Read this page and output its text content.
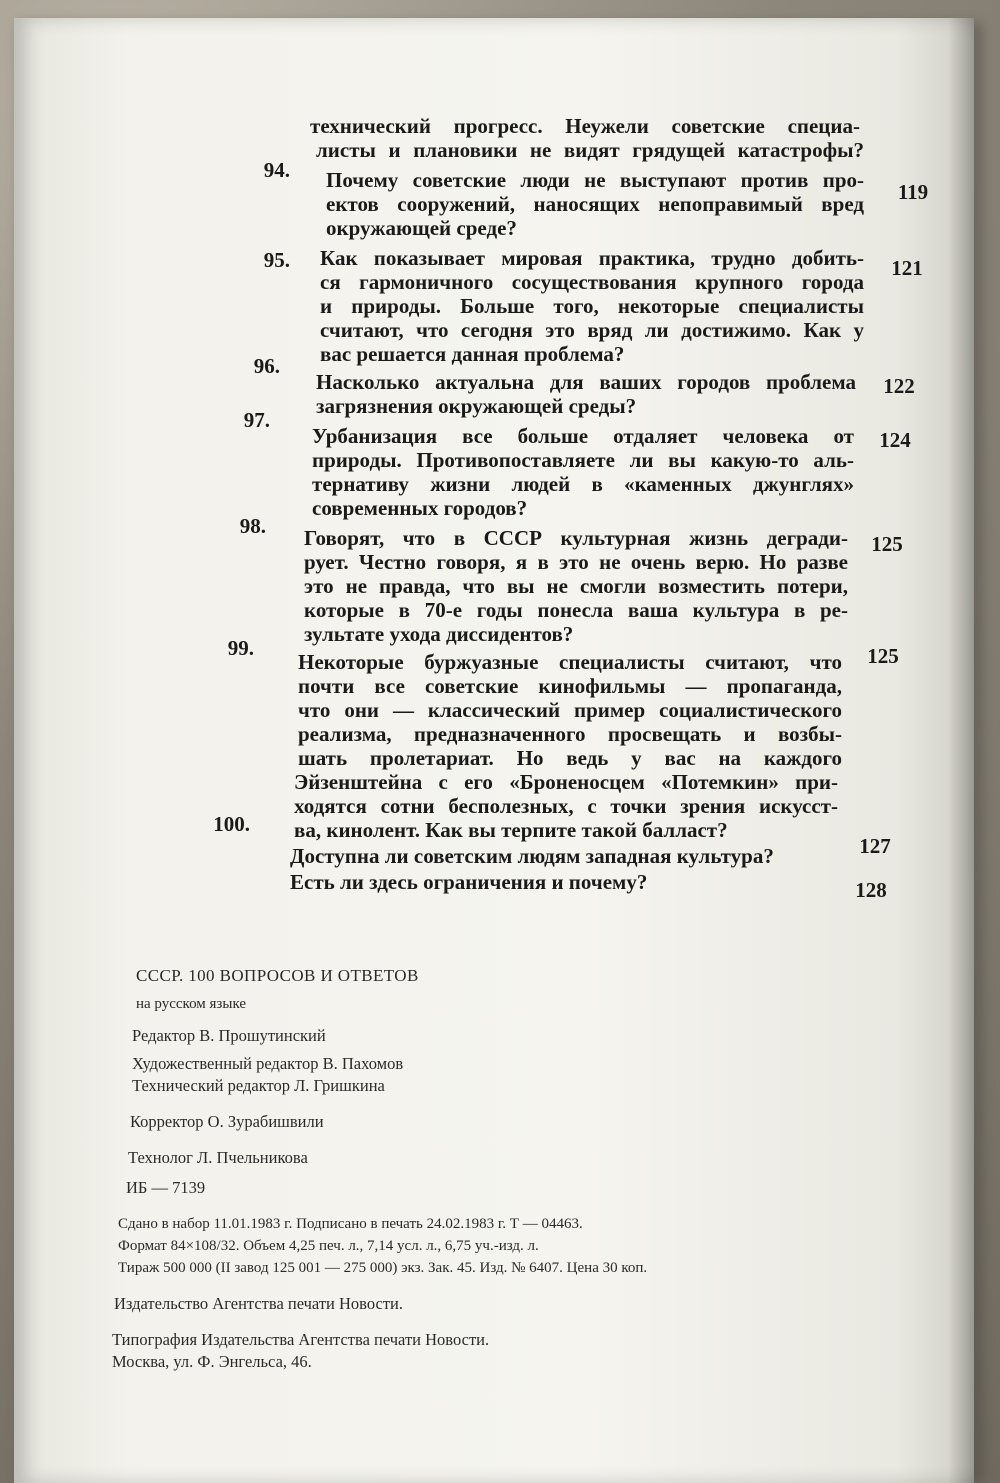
94.
95.
96.
97.
98.
99.
100.
технический прогресс. Неужели советские специа-
листы и плановики не видят грядущей катастрофы?
Почему советские люди не выступают против про-
ектов сооружений, наносящих непоправимый вред
окружающей среде?
Как показывает мировая практика, трудно добить-
ся гармоничного сосуществования крупного города
и природы. Больше того, некоторые специалисты
считают, что сегодня это вряд ли достижимо. Как у
вас решается данная проблема?
Насколько актуальна для ваших городов проблема
загрязнения окружающей среды?
Урбанизация все больше отдаляет человека от
природы. Противопоставляете ли вы какую-то аль-
тернативу жизни людей в «каменных джунглях»
современных городов?
Говорят, что в СССР культурная жизнь дегради-
рует. Честно говоря, я в это не очень верю. Но разве
это не правда, что вы не смогли возместить потери,
которые в 70-е годы понесла ваша культура в ре-
зультате ухода диссидентов?
Некоторые буржуазные специалисты считают, что
почти все советские кинофильмы — пропаганда,
что они — классический пример социалистического
реализма, предназначенного просвещать и возбы-
шать пролетариат. Но ведь у вас на каждого
Эйзенштейна с его «Броненосцем «Потемкин» при-
ходятся сотни бесполезных, с точки зрения искусст-
ва, кинолент. Как вы терпите такой балласт?
Доступна ли советским людям западная культура?
Есть ли здесь ограничения и почему?
119
121
122
124
125
125
127
128
СССР. 100 ВОПРОСОВ И ОТВЕТОВ
на русском языке
Редактор В. Прошутинский
Художественный редактор В. Пахомов
Технический редактор Л. Гришкина
Корректор О. Зурабишвили
Технолог Л. Пчельникова
ИБ — 7139
Сдано в набор 11.01.1983 г. Подписано в печать 24.02.1983 г. Т — 04463.
Формат 84×108/32. Объем 4,25 печ. л., 7,14 усл. л., 6,75 уч.-изд. л.
Тираж 500 000 (II завод 125 001 — 275 000) экз. Зак. 45. Изд. № 6407. Цена 30 коп.
Издательство Агентства печати Новости.
Типография Издательства Агентства печати Новости.
Москва, ул. Ф. Энгельса, 46.
